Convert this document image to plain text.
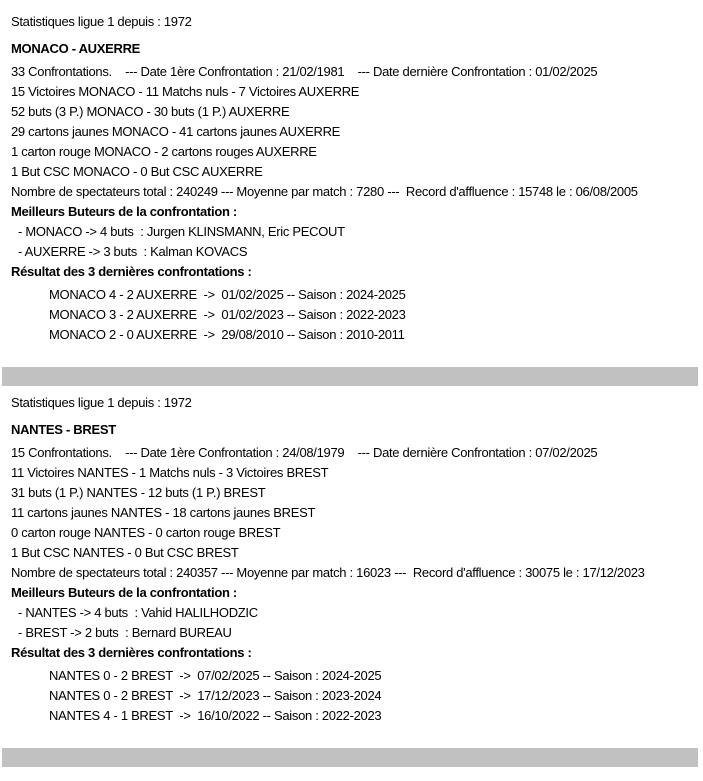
Statistiques ligue 1 depuis : 1972
MONACO - AUXERRE
33 Confrontations.    --- Date 1ère Confrontation : 21/02/1981    --- Date dernière Confrontation : 01/02/2025
15 Victoires MONACO - 11 Matchs nuls - 7 Victoires AUXERRE
52 buts (3 P.) MONACO - 30 buts (1 P.) AUXERRE
29 cartons jaunes MONACO - 41 cartons jaunes AUXERRE
1 carton rouge MONACO - 2 cartons rouges AUXERRE
1 But CSC MONACO - 0 But CSC AUXERRE
Nombre de spectateurs total : 240249 --- Moyenne par match : 7280 ---  Record d'affluence : 15748 le : 06/08/2005
Meilleurs Buteurs de la confrontation :
- MONACO -> 4 buts  : Jurgen KLINSMANN, Eric PECOUT
- AUXERRE -> 3 buts  : Kalman KOVACS
Résultat des 3 dernières confrontations :
MONACO 4 - 2 AUXERRE  ->  01/02/2025 -- Saison : 2024-2025
MONACO 3 - 2 AUXERRE  ->  01/02/2023 -- Saison : 2022-2023
MONACO 2 - 0 AUXERRE  ->  29/08/2010 -- Saison : 2010-2011
Statistiques ligue 1 depuis : 1972
NANTES - BREST
15 Confrontations.    --- Date 1ère Confrontation : 24/08/1979    --- Date dernière Confrontation : 07/02/2025
11 Victoires NANTES - 1 Matchs nuls - 3 Victoires BREST
31 buts (1 P.) NANTES - 12 buts (1 P.) BREST
11 cartons jaunes NANTES - 18 cartons jaunes BREST
0 carton rouge NANTES - 0 carton rouge BREST
1 But CSC NANTES - 0 But CSC BREST
Nombre de spectateurs total : 240357 --- Moyenne par match : 16023 ---  Record d'affluence : 30075 le : 17/12/2023
Meilleurs Buteurs de la confrontation :
- NANTES -> 4 buts  : Vahid HALILHODZIC
- BREST -> 2 buts  : Bernard BUREAU
Résultat des 3 dernières confrontations :
NANTES 0 - 2 BREST  ->  07/02/2025 -- Saison : 2024-2025
NANTES 0 - 2 BREST  ->  17/12/2023 -- Saison : 2023-2024
NANTES 4 - 1 BREST  ->  16/10/2022 -- Saison : 2022-2023
